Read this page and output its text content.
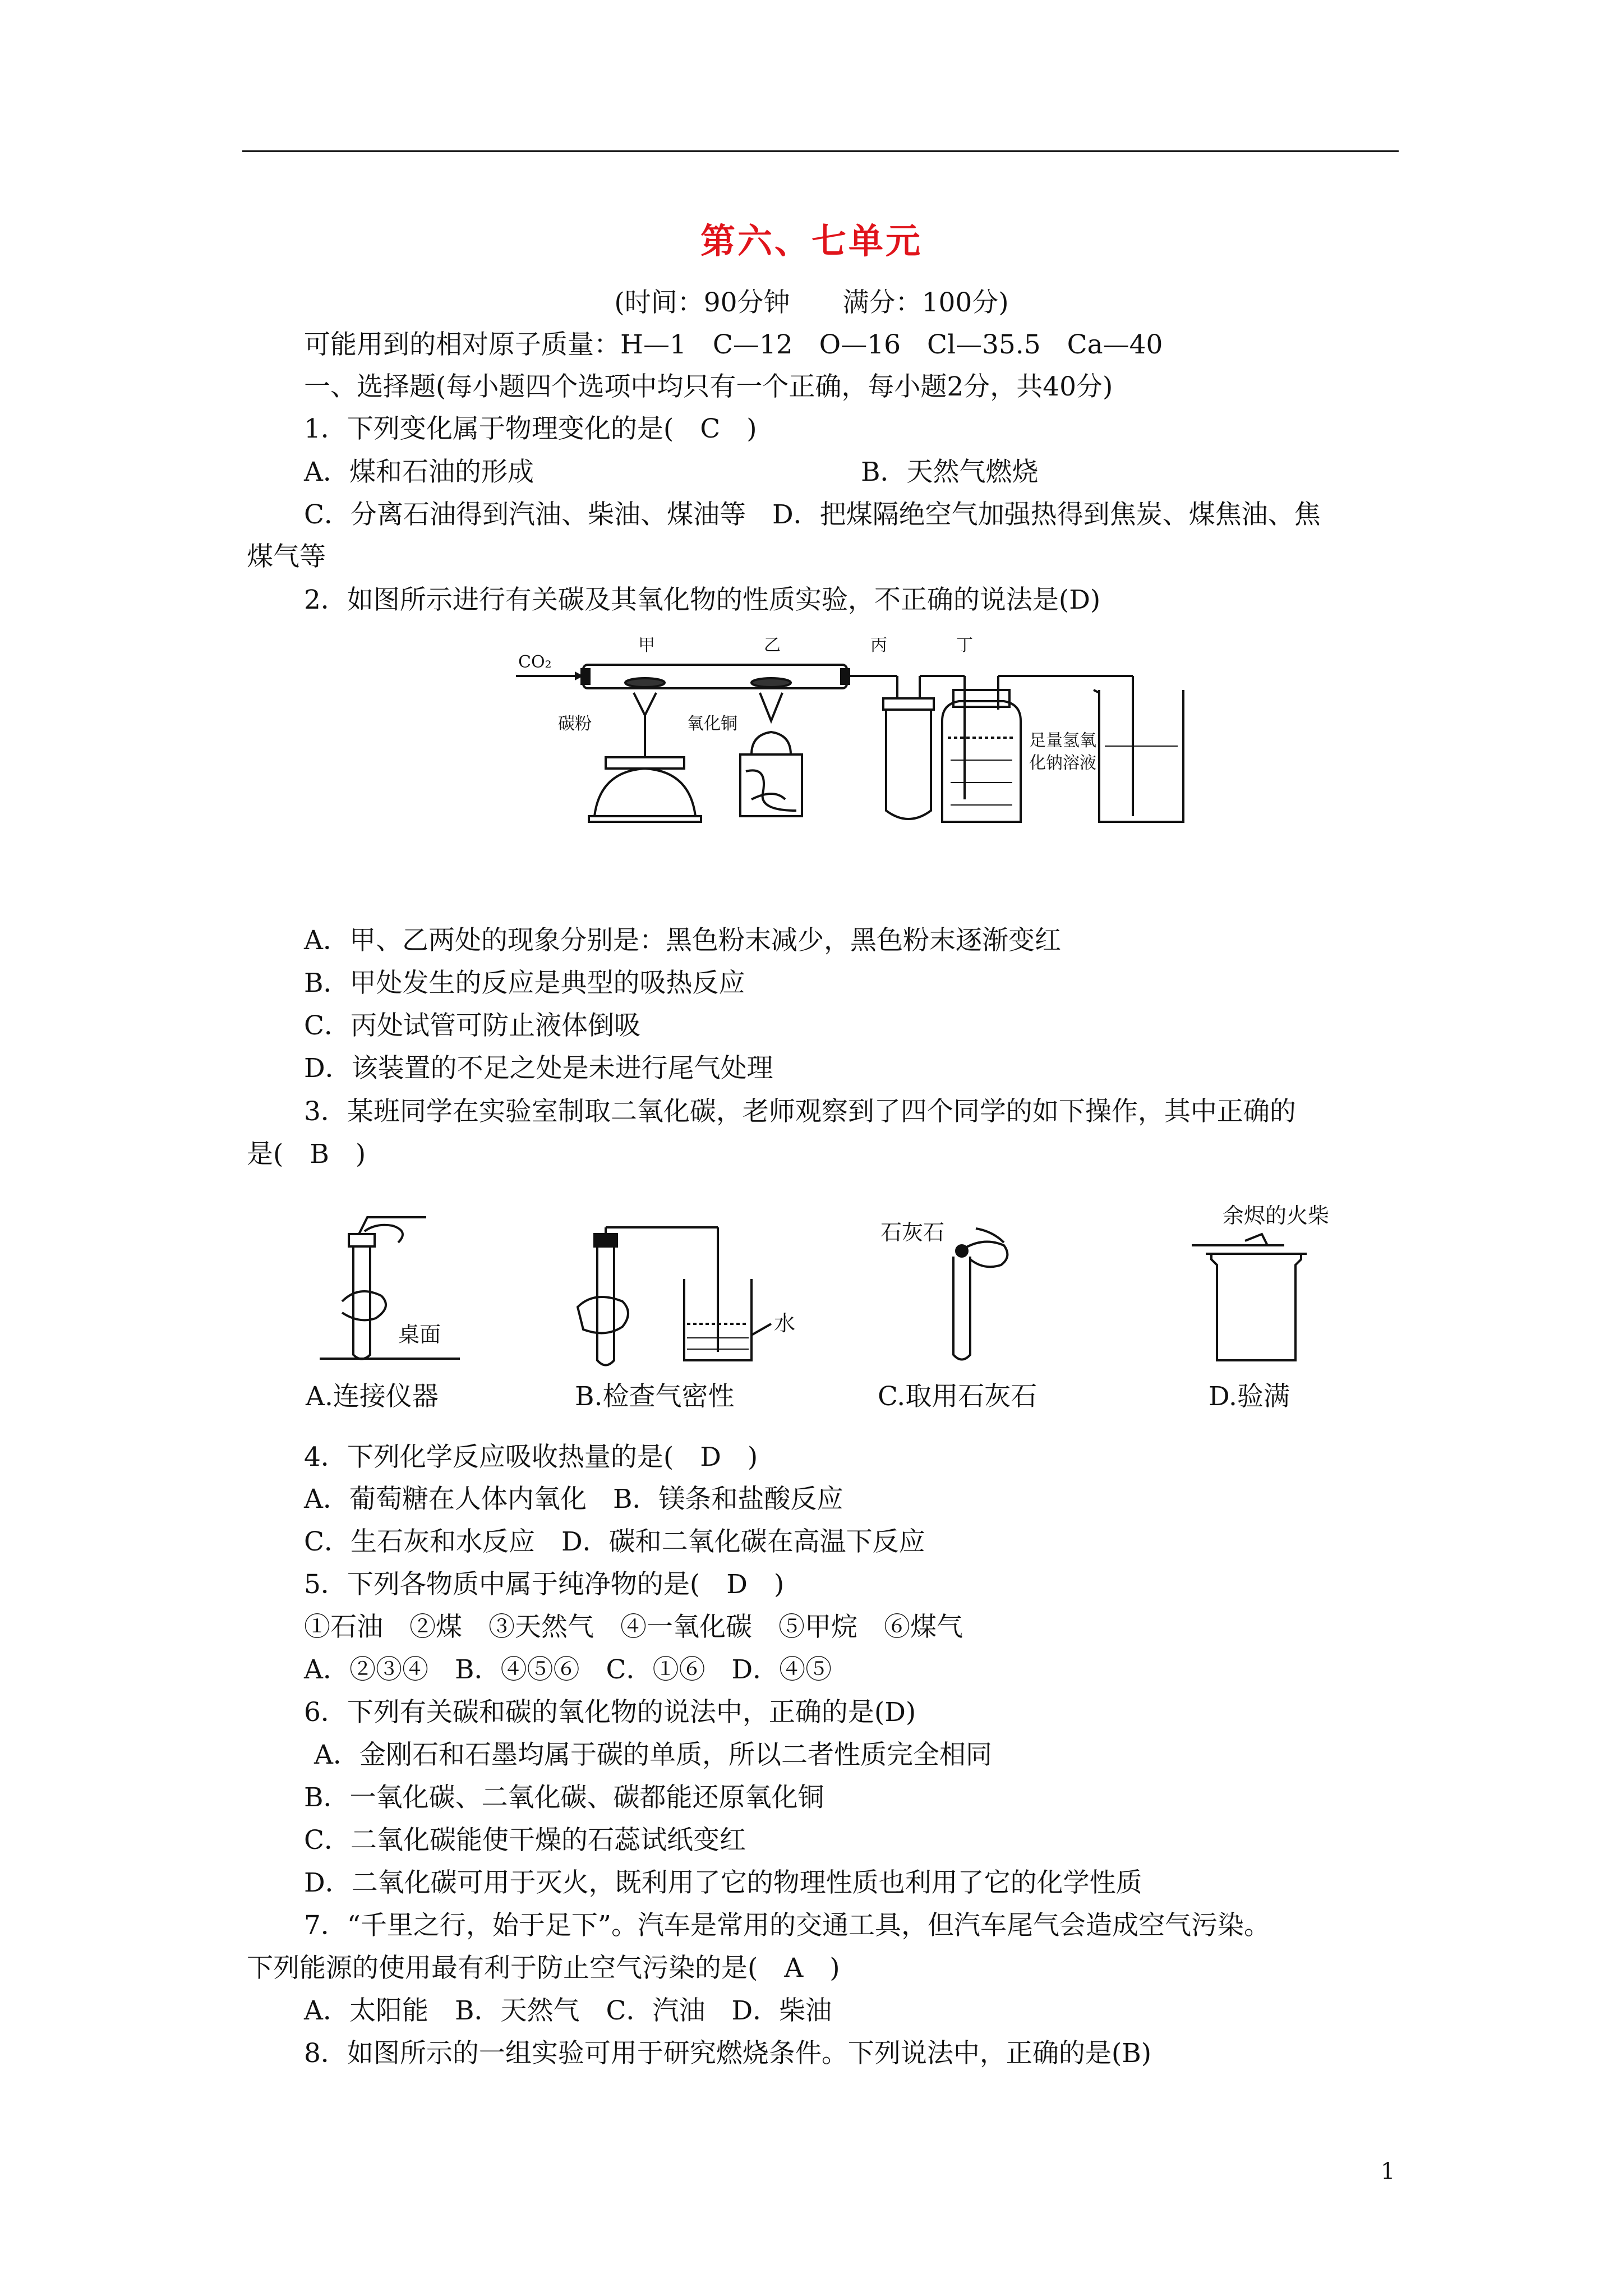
第六、七单元
(时间：90分钟　　满分：100分)
可能用到的相对原子质量：H—1　C—12　O—16　Cl—35.5　Ca—40
一、选择题(每小题四个选项中均只有一个正确，每小题2分，共40分)
1．下列变化属于物理变化的是(　C　)
A．煤和石油的形成	B．天然气燃烧
C．分离石油得到汽油、柴油、煤油等　D．把煤隔绝空气加强热得到焦炭、煤焦油、焦
煤气等
2．如图所示进行有关碳及其氧化物的性质实验，不正确的说法是(D)
CO₂
甲	乙
碳粉	氧化铜
丙	丁
足量氢氧
化钠溶液
A．甲、乙两处的现象分别是：黑色粉末减少，黑色粉末逐渐变红
B．甲处发生的反应是典型的吸热反应
C．丙处试管可防止液体倒吸
D．该装置的不足之处是未进行尾气处理
3．某班同学在实验室制取二氧化碳，老师观察到了四个同学的如下操作，其中正确的
是(　B　)
桌面	水
石灰石
余烬的火柴
A.连接仪器	B.检查气密性	C.取用石灰石	D.验满
4．下列化学反应吸收热量的是(　D　)
A．葡萄糖在人体内氧化　B．镁条和盐酸反应
C．生石灰和水反应　D．碳和二氧化碳在高温下反应
5．下列各物质中属于纯净物的是(　D　)
①石油　②煤　③天然气　④一氧化碳　⑤甲烷　⑥煤气
A．②③④　B．④⑤⑥　C．①⑥　D．④⑤
6．下列有关碳和碳的氧化物的说法中，正确的是(D)
A．金刚石和石墨均属于碳的单质，所以二者性质完全相同
B．一氧化碳、二氧化碳、碳都能还原氧化铜
C．二氧化碳能使干燥的石蕊试纸变红
D．二氧化碳可用于灭火，既利用了它的物理性质也利用了它的化学性质
7．“千里之行，始于足下”。汽车是常用的交通工具，但汽车尾气会造成空气污染。
下列能源的使用最有利于防止空气污染的是(　A　)
A．太阳能　B．天然气　C．汽油　D．柴油
8．如图所示的一组实验可用于研究燃烧条件。下列说法中，正确的是(B)
1
